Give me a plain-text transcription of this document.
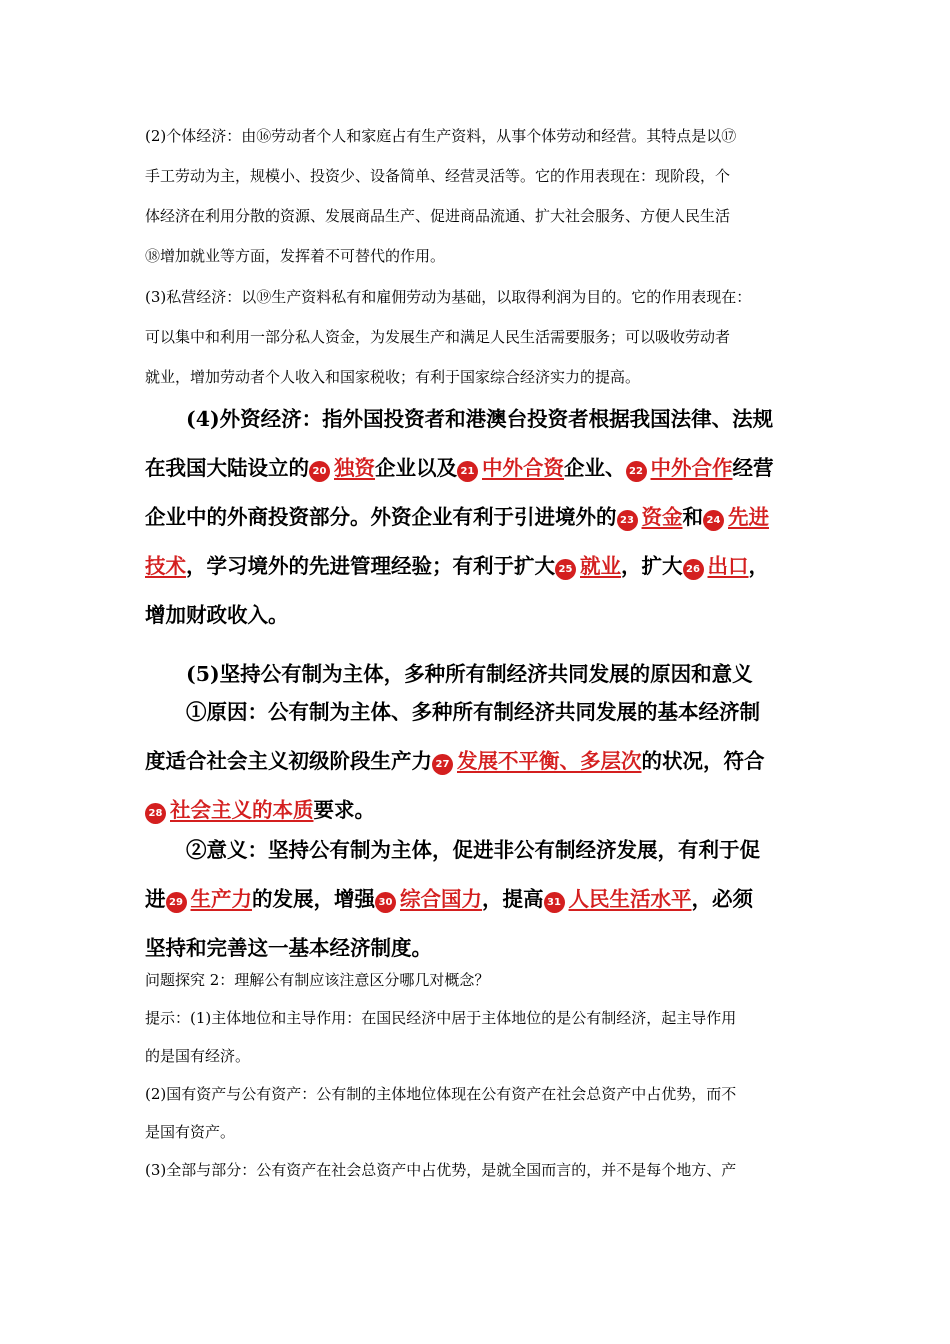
(2)个体经济：由⑯劳动者个人和家庭占有生产资料，从事个体劳动和经营。其特点是以⑰
手工劳动为主，规模小、投资少、设备简单、经营灵活等。它的作用表现在：现阶段，个
体经济在利用分散的资源、发展商品生产、促进商品流通、扩大社会服务、方便人民生活
⑱增加就业等方面，发挥着不可替代的作用。
(3)私营经济：以⑲生产资料私有和雇佣劳动为基础，以取得利润为目的。它的作用表现在：
可以集中和利用一部分私人资金，为发展生产和满足人民生活需要服务；可以吸收劳动者
就业，增加劳动者个人收入和国家税收；有利于国家综合经济实力的提高。
(4)外资经济：指外国投资者和港澳台投资者根据我国法律、法规
在我国大陆设立的 20 独资企业以及 21 中外合资企业、 22 中外合作经营
企业中的外商投资部分。外资企业有利于引进境外的 23 资金和 24 先进
技术，学习境外的先进管理经验；有利于扩大 25 就业，扩大 26 出口，
增加财政收入。
(5)坚持公有制为主体，多种所有制经济共同发展的原因和意义
①原因：公有制为主体、多种所有制经济共同发展的基本经济制
度适合社会主义初级阶段生产力 27 发展不平衡、多层次的状况，符合
28 社会主义的本质要求。
②意义：坚持公有制为主体，促进非公有制经济发展，有利于促
进 29 生产力的发展，增强 30 综合国力，提高 31 人民生活水平，必须
坚持和完善这一基本经济制度。
问题探究 2：理解公有制应该注意区分哪几对概念？
提示：(1)主体地位和主导作用：在国民经济中居于主体地位的是公有制经济，起主导作用
的是国有经济。
(2)国有资产与公有资产：公有制的主体地位体现在公有资产在社会总资产中占优势，而不
是国有资产。
(3)全部与部分：公有资产在社会总资产中占优势，是就全国而言的，并不是每个地方、产
